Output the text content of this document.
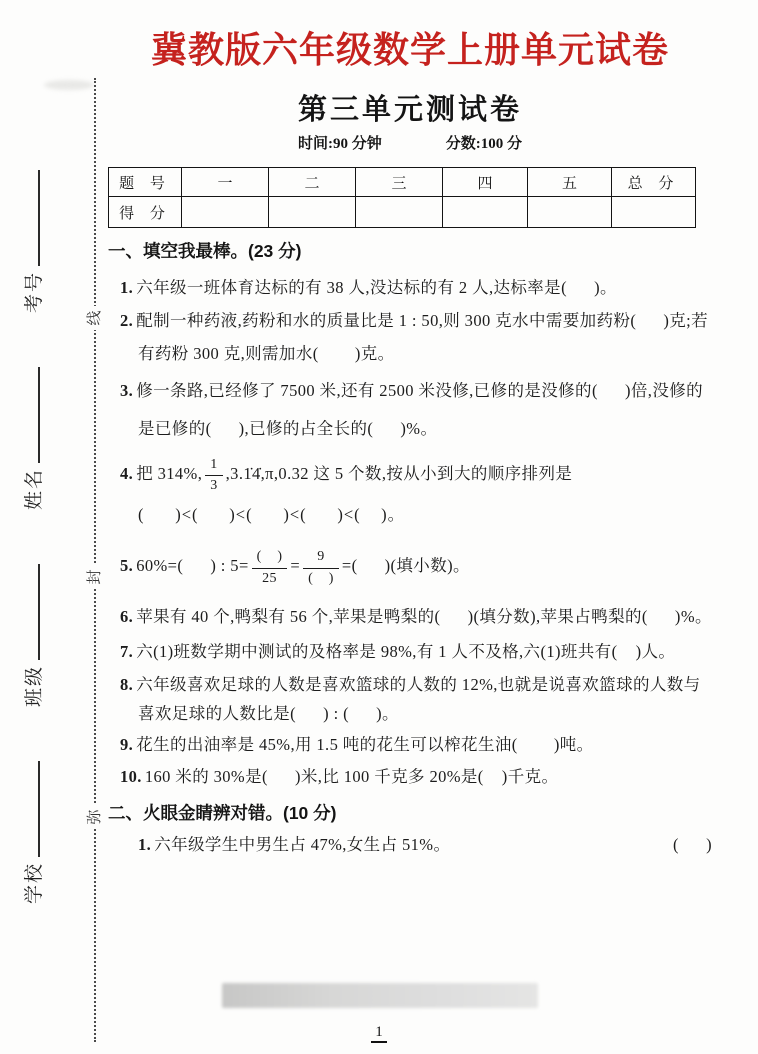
学校
班级
姓名
考号
线
封
弥
冀教版六年级数学上册单元试卷
第三单元测试卷
时间:90 分钟	分数:100 分
题 号	一	二	三	四	五	总 分
得 分						
一、填空我最棒。(23 分)
1. 六年级一班体育达标的有 38 人,没达标的有 2 人,达标率是(      )。
2. 配制一种药液,药粉和水的质量比是 1 : 50,则 300 克水中需要加药粉(      )克;若有药粉 300 克,则需加水(        )克。
3. 修一条路,已经修了 7500 米,还有 2500 米没修,已修的是没修的(      )倍,没修的是已修的(      ),已修的占全长的(      )%。
4. 把 314%, $\frac{1}{3}$ ,3.1̇4̇,π,0.32 这 5 个数,按从小到大的顺序排列是
(      )<(      )<(      )<(      )<(    )。
5. 60%=(      ) : $5= \frac{( )}{25} = \frac{9}{( )}$ =(      )(填小数)。
6. 苹果有 40 个,鸭梨有 56 个,苹果是鸭梨的(      )(填分数),苹果占鸭梨的(      )%。
7. 六(1)班数学期中测试的及格率是 98%,有 1 人不及格,六(1)班共有(    )人。
8. 六年级喜欢足球的人数是喜欢篮球的人数的 12%,也就是说喜欢篮球的人数与喜欢足球的人数比是(      ) : (      )。
9. 花生的出油率是 45%,用 1.5 吨的花生可以榨花生油(        )吨。
10. 160 米的 30%是(      )米,比 100 千克多 20%是(    )千克。
二、火眼金睛辨对错。(10 分)
1. 六年级学生中男生占 47%,女生占 51%。	(      )
1
